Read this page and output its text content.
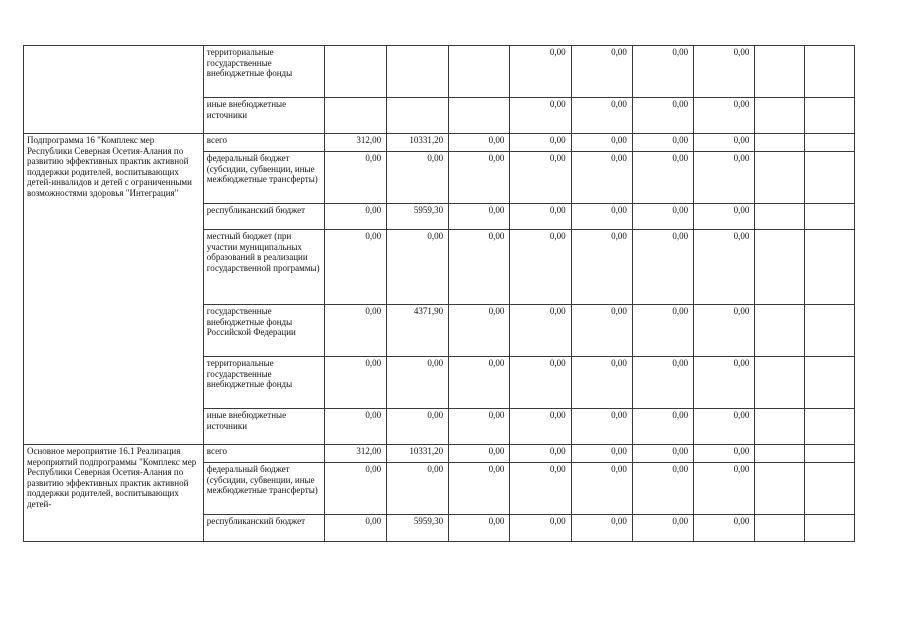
	территориальные государственные внебюджетные фонды				0,00	0,00	0,00	0,00		
	иные внебюджетные источники				0,00	0,00	0,00	0,00		
Подпрограмма 16 "Комплекс мер Республики Северная Осетия-Алания по развитию эффективных практик активной поддержки родителей, воспитывающих детей-инвалидов и детей с ограниченными возможностями здоровья "Интеграция"	всего	312,00	10331,20	0,00	0,00	0,00	0,00	0,00		
	федеральный бюджет (субсидии, субвенции, иные межбюджетные трансферты)	0,00	0,00	0,00	0,00	0,00	0,00	0,00		
	республиканский бюджет	0,00	5959,30	0,00	0,00	0,00	0,00	0,00		
	местный бюджет (при участии муниципальных образований в реализации государственной программы)	0,00	0,00	0,00	0,00	0,00	0,00	0,00		
	государственные внебюджетные фонды Российской Федерации	0,00	4371,90	0,00	0,00	0,00	0,00	0,00		
	территориальные государственные внебюджетные фонды	0,00	0,00	0,00	0,00	0,00	0,00	0,00		
	иные внебюджетные источники	0,00	0,00	0,00	0,00	0,00	0,00	0,00		
Основное мероприятие 16.1 Реализация мероприятий подпрограммы "Комплекс мер Республики Северная Осетия-Алания по развитию эффективных практик активной поддержки родителей, воспитывающих детей-	всего	312,00	10331,20	0,00	0,00	0,00	0,00	0,00		
	федеральный бюджет (субсидии, субвенции, иные межбюджетные трансферты)	0,00	0,00	0,00	0,00	0,00	0,00	0,00		
	республиканский бюджет	0,00	5959,30	0,00	0,00	0,00	0,00	0,00		
